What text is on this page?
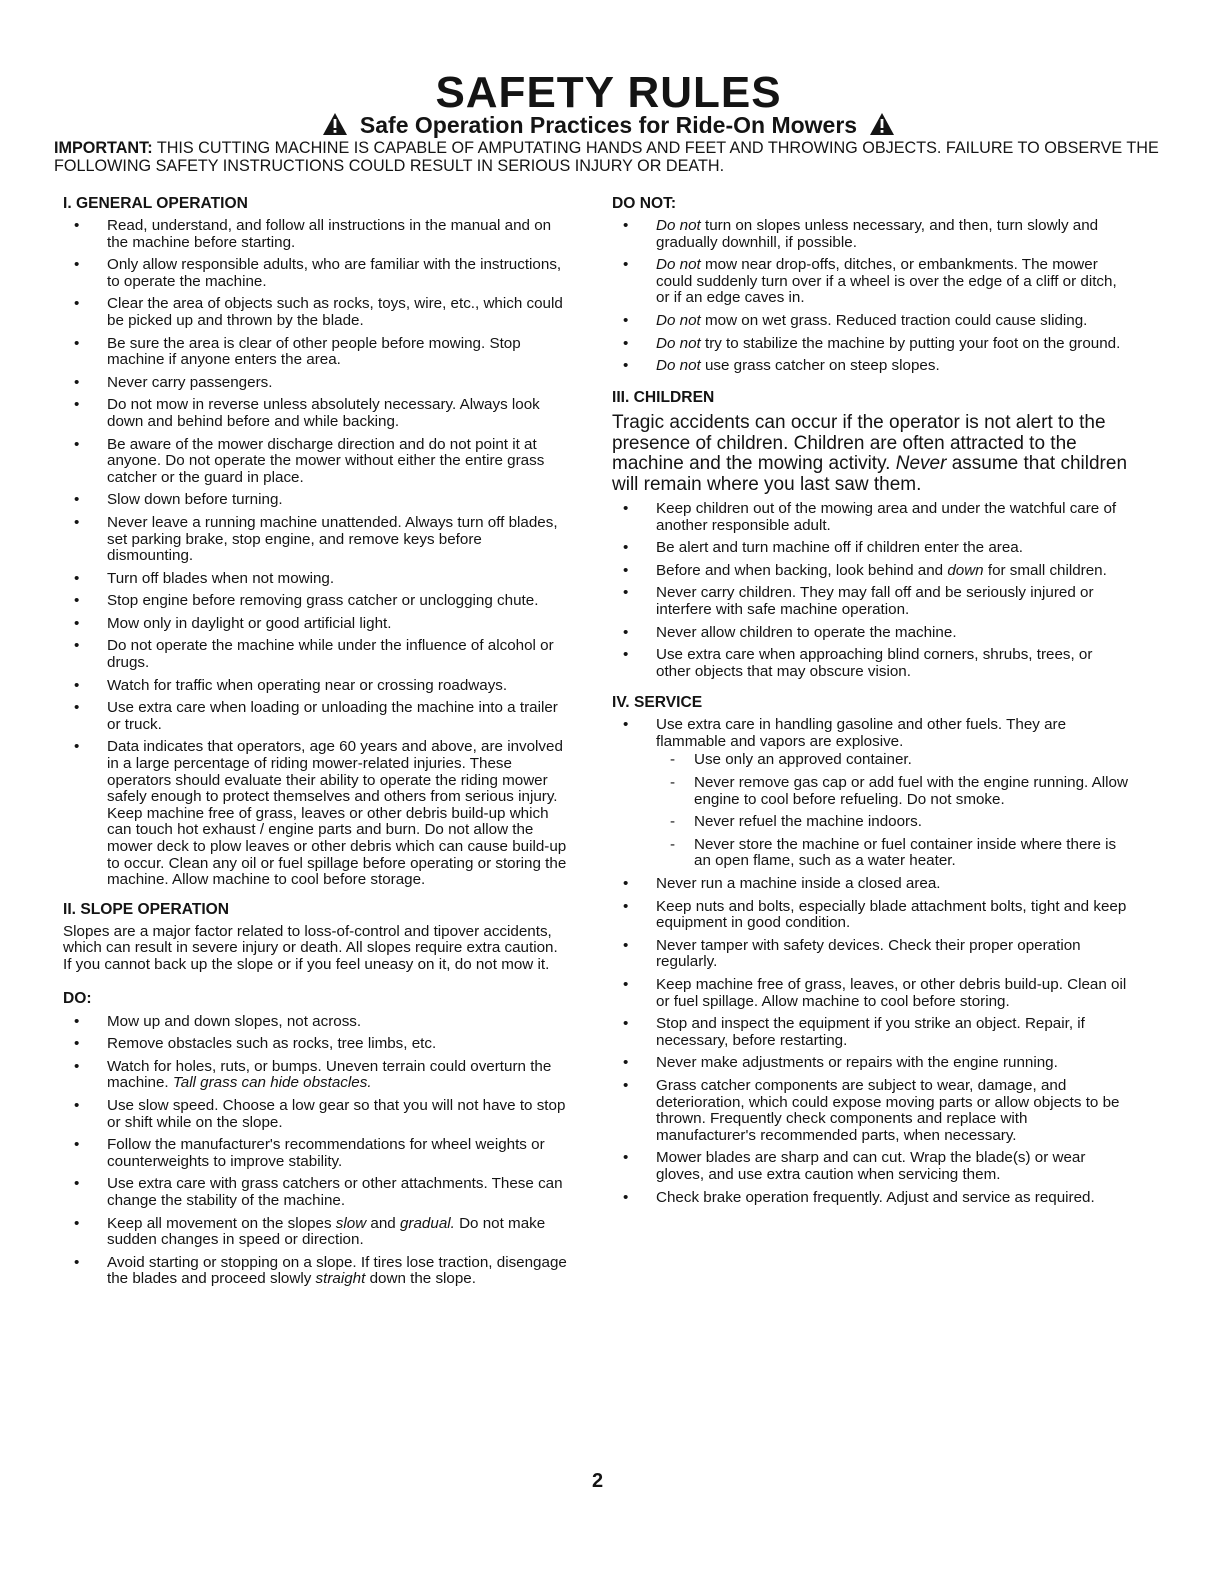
SAFETY RULES
Safe Operation Practices for Ride-On Mowers
IMPORTANT: THIS CUTTING MACHINE IS CAPABLE OF AMPUTATING HANDS AND FEET AND THROWING OBJECTS. FAILURE TO OBSERVE THE FOLLOWING SAFETY INSTRUCTIONS COULD RESULT IN SERIOUS INJURY OR DEATH.

I. GENERAL OPERATION

• Read, understand, and follow all instructions in the manual and on the machine before starting.
• Only allow responsible adults, who are familiar with the instructions, to operate the machine.
• Clear the area of objects such as rocks, toys, wire, etc., which could be picked up and thrown by the blade.
• Be sure the area is clear of other people before mowing. Stop machine if anyone enters the area.
• Never carry passengers.
• Do not mow in reverse unless absolutely necessary. Always look down and behind before and while backing.
• Be aware of the mower discharge direction and do not point it at anyone. Do not operate the mower without either the entire grass catcher or the guard in place.
• Slow down before turning.
• Never leave a running machine unattended. Always turn off blades, set parking brake, stop engine, and remove keys before dismounting.
• Turn off blades when not mowing.
• Stop engine before removing grass catcher or unclogging chute.
• Mow only in daylight or good artificial light.
• Do not operate the machine while under the influence of alcohol or drugs.
• Watch for traffic when operating near or crossing roadways.
• Use extra care when loading or unloading the machine into a trailer or truck.
• Data indicates that operators, age 60 years and above, are involved in a large percentage of riding mower-related injuries. These operators should evaluate their ability to operate the riding mower safely enough to protect themselves and others from serious injury.

Keep machine free of grass, leaves or other debris build-up which can touch hot exhaust / engine parts and burn. Do not allow the mower deck to plow leaves or other debris which can cause build-up to occur. Clean any oil or fuel spillage before operating or storing the machine. Allow machine to cool before storage.

II. SLOPE OPERATION

Slopes are a major factor related to loss-of-control and tipover accidents, which can result in severe injury or death. All slopes require extra caution. If you cannot back up the slope or if you feel uneasy on it, do not mow it.

DO:

• Mow up and down slopes, not across.
• Remove obstacles such as rocks, tree limbs, etc.
• Watch for holes, ruts, or bumps. Uneven terrain could overturn the machine. Tall grass can hide obstacles.
• Use slow speed. Choose a low gear so that you will not have to stop or shift while on the slope.
• Follow the manufacturer's recommendations for wheel weights or counterweights to improve stability.
• Use extra care with grass catchers or other attachments. These can change the stability of the machine.
• Keep all movement on the slopes slow and gradual. Do not make sudden changes in speed or direction.
• Avoid starting or stopping on a slope. If tires lose traction, disengage the blades and proceed slowly straight down the slope.

DO NOT:

• Do not turn on slopes unless necessary, and then, turn slowly and gradually downhill, if possible.
• Do not mow near drop-offs, ditches, or embankments. The mower could suddenly turn over if a wheel is over the edge of a cliff or ditch, or if an edge caves in.
• Do not mow on wet grass. Reduced traction could cause sliding.
• Do not try to stabilize the machine by putting your foot on the ground.
• Do not use grass catcher on steep slopes.

III. CHILDREN

Tragic accidents can occur if the operator is not alert to the presence of children. Children are often attracted to the machine and the mowing activity. Never assume that children will remain where you last saw them.

• Keep children out of the mowing area and under the watchful care of another responsible adult.
• Be alert and turn machine off if children enter the area.
• Before and when backing, look behind and down for small children.
• Never carry children. They may fall off and be seriously injured or interfere with safe machine operation.
• Never allow children to operate the machine.
• Use extra care when approaching blind corners, shrubs, trees, or other objects that may obscure vision.

IV. SERVICE

• Use extra care in handling gasoline and other fuels. They are flammable and vapors are explosive.
- Use only an approved container.
- Never remove gas cap or add fuel with the engine running. Allow engine to cool before refueling. Do not smoke.
- Never refuel the machine indoors.
- Never store the machine or fuel container inside where there is an open flame, such as a water heater.
• Never run a machine inside a closed area.
• Keep nuts and bolts, especially blade attachment bolts, tight and keep equipment in good condition.
• Never tamper with safety devices. Check their proper operation regularly.
• Keep machine free of grass, leaves, or other debris build-up. Clean oil or fuel spillage. Allow machine to cool before storing.
• Stop and inspect the equipment if you strike an object. Repair, if necessary, before restarting.
• Never make adjustments or repairs with the engine running.
• Grass catcher components are subject to wear, damage, and deterioration, which could expose moving parts or allow objects to be thrown. Frequently check components and replace with manufacturer's recommended parts, when necessary.
• Mower blades are sharp and can cut. Wrap the blade(s) or wear gloves, and use extra caution when servicing them.
• Check brake operation frequently. Adjust and service as required.
2
